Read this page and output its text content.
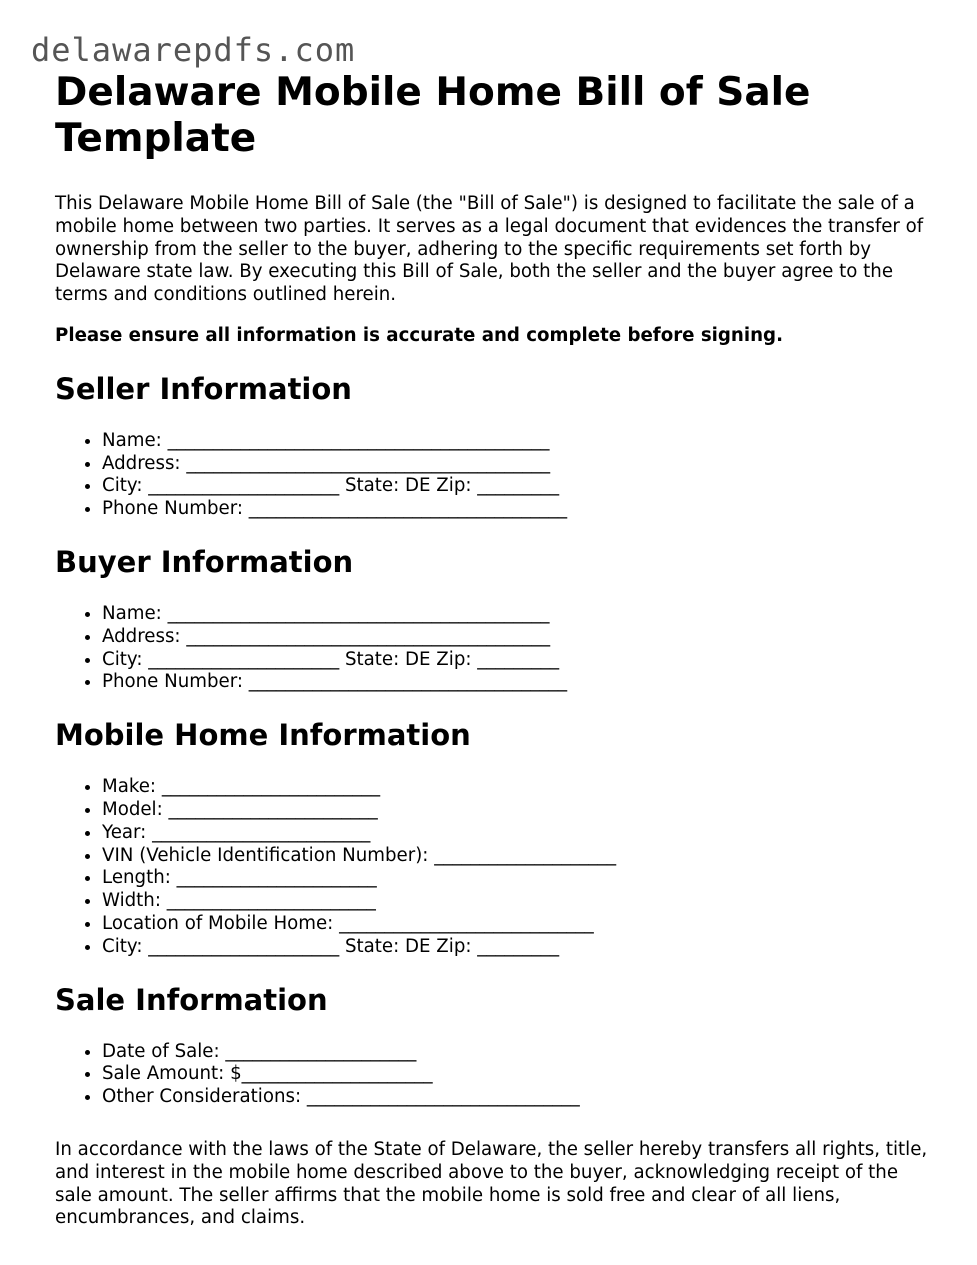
delawarepdfs.com
Delaware Mobile Home Bill of Sale Template

This Delaware Mobile Home Bill of Sale (the "Bill of Sale") is designed to facilitate the sale of a mobile home between two parties. It serves as a legal document that evidences the transfer of ownership from the seller to the buyer, adhering to the specific requirements set forth by Delaware state law. By executing this Bill of Sale, both the seller and the buyer agree to the terms and conditions outlined herein.

Please ensure all information is accurate and complete before signing.

Seller Information
• Name: __________________________________________
• Address: ________________________________________
• City: _____________________ State: DE Zip: _________
• Phone Number: ___________________________________
Buyer Information
• Name: __________________________________________
• Address: ________________________________________
• City: _____________________ State: DE Zip: _________
• Phone Number: ___________________________________
Mobile Home Information
• Make: ________________________
• Model: _______________________
• Year: ________________________
• VIN (Vehicle Identification Number): ____________________
• Length: ______________________
• Width: _______________________
• Location of Mobile Home: ____________________________
• City: _____________________ State: DE Zip: _________
Sale Information
• Date of Sale: _____________________
• Sale Amount: $_____________________
• Other Considerations: ______________________________

In accordance with the laws of the State of Delaware, the seller hereby transfers all rights, title, and interest in the mobile home described above to the buyer, acknowledging receipt of the sale amount. The seller affirms that the mobile home is sold free and clear of all liens, encumbrances, and claims.
